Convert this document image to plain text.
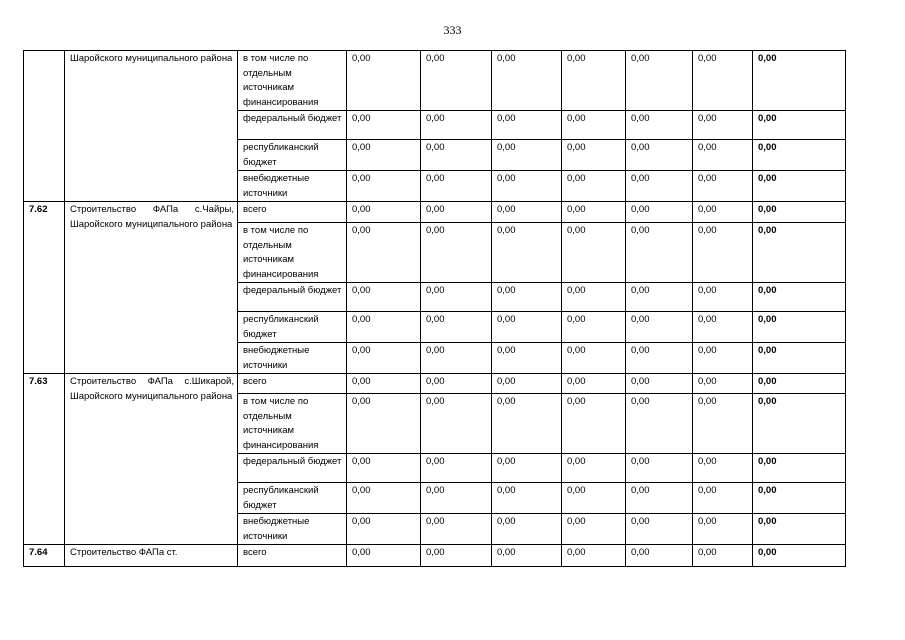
333
	Шаройского муниципального района	в том числе по отдельным источникам финансирования	0,00	0,00	0,00	0,00	0,00	0,00	0,00
		федеральный бюджет	0,00	0,00	0,00	0,00	0,00	0,00	0,00
		республиканский бюджет	0,00	0,00	0,00	0,00	0,00	0,00	0,00
		внебюджетные источники	0,00	0,00	0,00	0,00	0,00	0,00	0,00
7.62	Строительство ФАПа с.Чайры, Шаройского муниципального района	всего	0,00	0,00	0,00	0,00	0,00	0,00	0,00
		в том числе по отдельным источникам финансирования	0,00	0,00	0,00	0,00	0,00	0,00	0,00
		федеральный бюджет	0,00	0,00	0,00	0,00	0,00	0,00	0,00
		республиканский бюджет	0,00	0,00	0,00	0,00	0,00	0,00	0,00
		внебюджетные источники	0,00	0,00	0,00	0,00	0,00	0,00	0,00
7.63	Строительство ФАПа с.Шикарой, Шаройского муниципального района	всего	0,00	0,00	0,00	0,00	0,00	0,00	0,00
		в том числе по отдельным источникам финансирования	0,00	0,00	0,00	0,00	0,00	0,00	0,00
		федеральный бюджет	0,00	0,00	0,00	0,00	0,00	0,00	0,00
		республиканский бюджет	0,00	0,00	0,00	0,00	0,00	0,00	0,00
		внебюджетные источники	0,00	0,00	0,00	0,00	0,00	0,00	0,00
7.64	Строительство ФАПа ст.	всего	0,00	0,00	0,00	0,00	0,00	0,00	0,00
